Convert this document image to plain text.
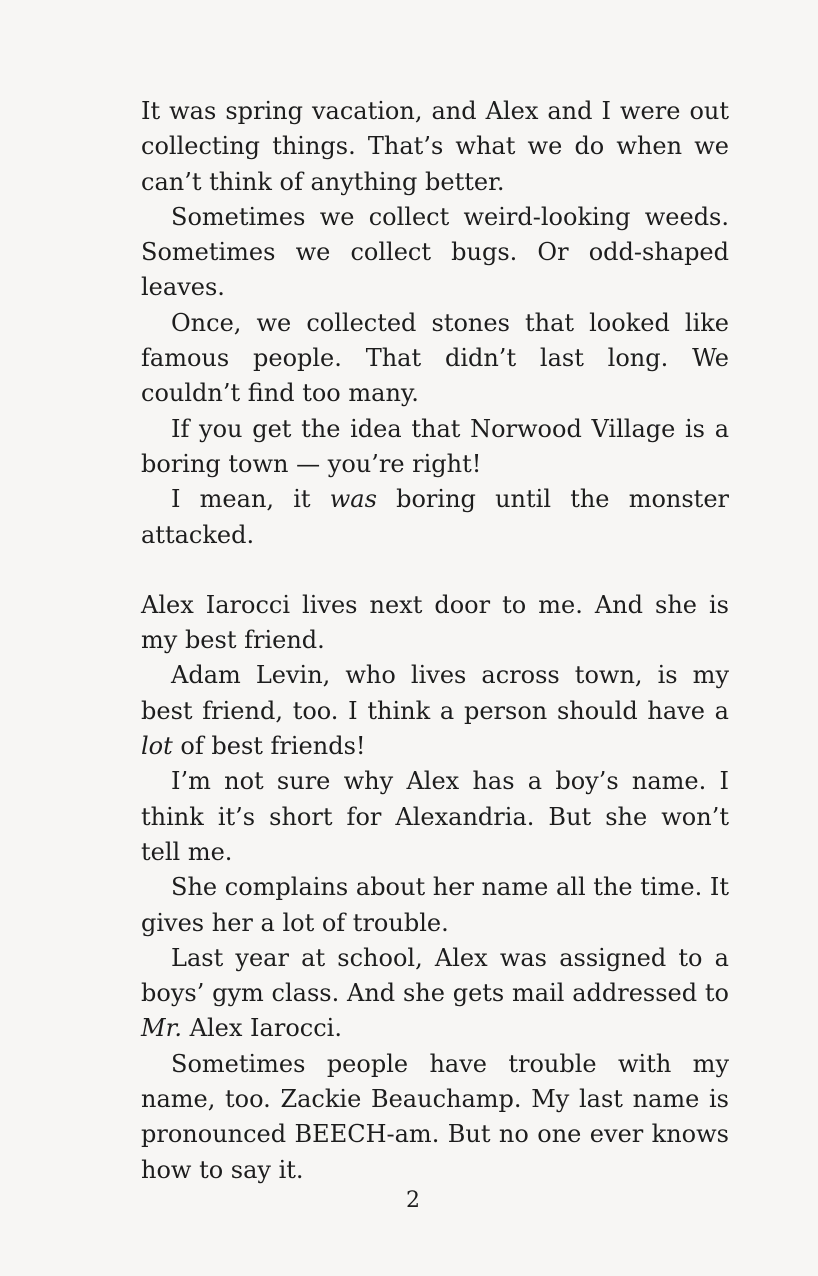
It was spring vacation, and Alex and I were out collecting things. That’s what we do when we can’t think of anything better.

Sometimes we collect weird-looking weeds. Sometimes we collect bugs. Or odd-shaped leaves.

Once, we collected stones that looked like famous people. That didn’t last long. We couldn’t find too many.

If you get the idea that Norwood Village is a boring town — you’re right!

I mean, it was boring until the monster attacked.

Alex Iarocci lives next door to me. And she is my best friend.

Adam Levin, who lives across town, is my best friend, too. I think a person should have a lot of best friends!

I’m not sure why Alex has a boy’s name. I think it’s short for Alexandria. But she won’t tell me.

She complains about her name all the time. It gives her a lot of trouble.

Last year at school, Alex was assigned to a boys’ gym class. And she gets mail addressed to Mr. Alex Iarocci.

Sometimes people have trouble with my name, too. Zackie Beauchamp. My last name is pronounced BEECH-am. But no one ever knows how to say it.

2
